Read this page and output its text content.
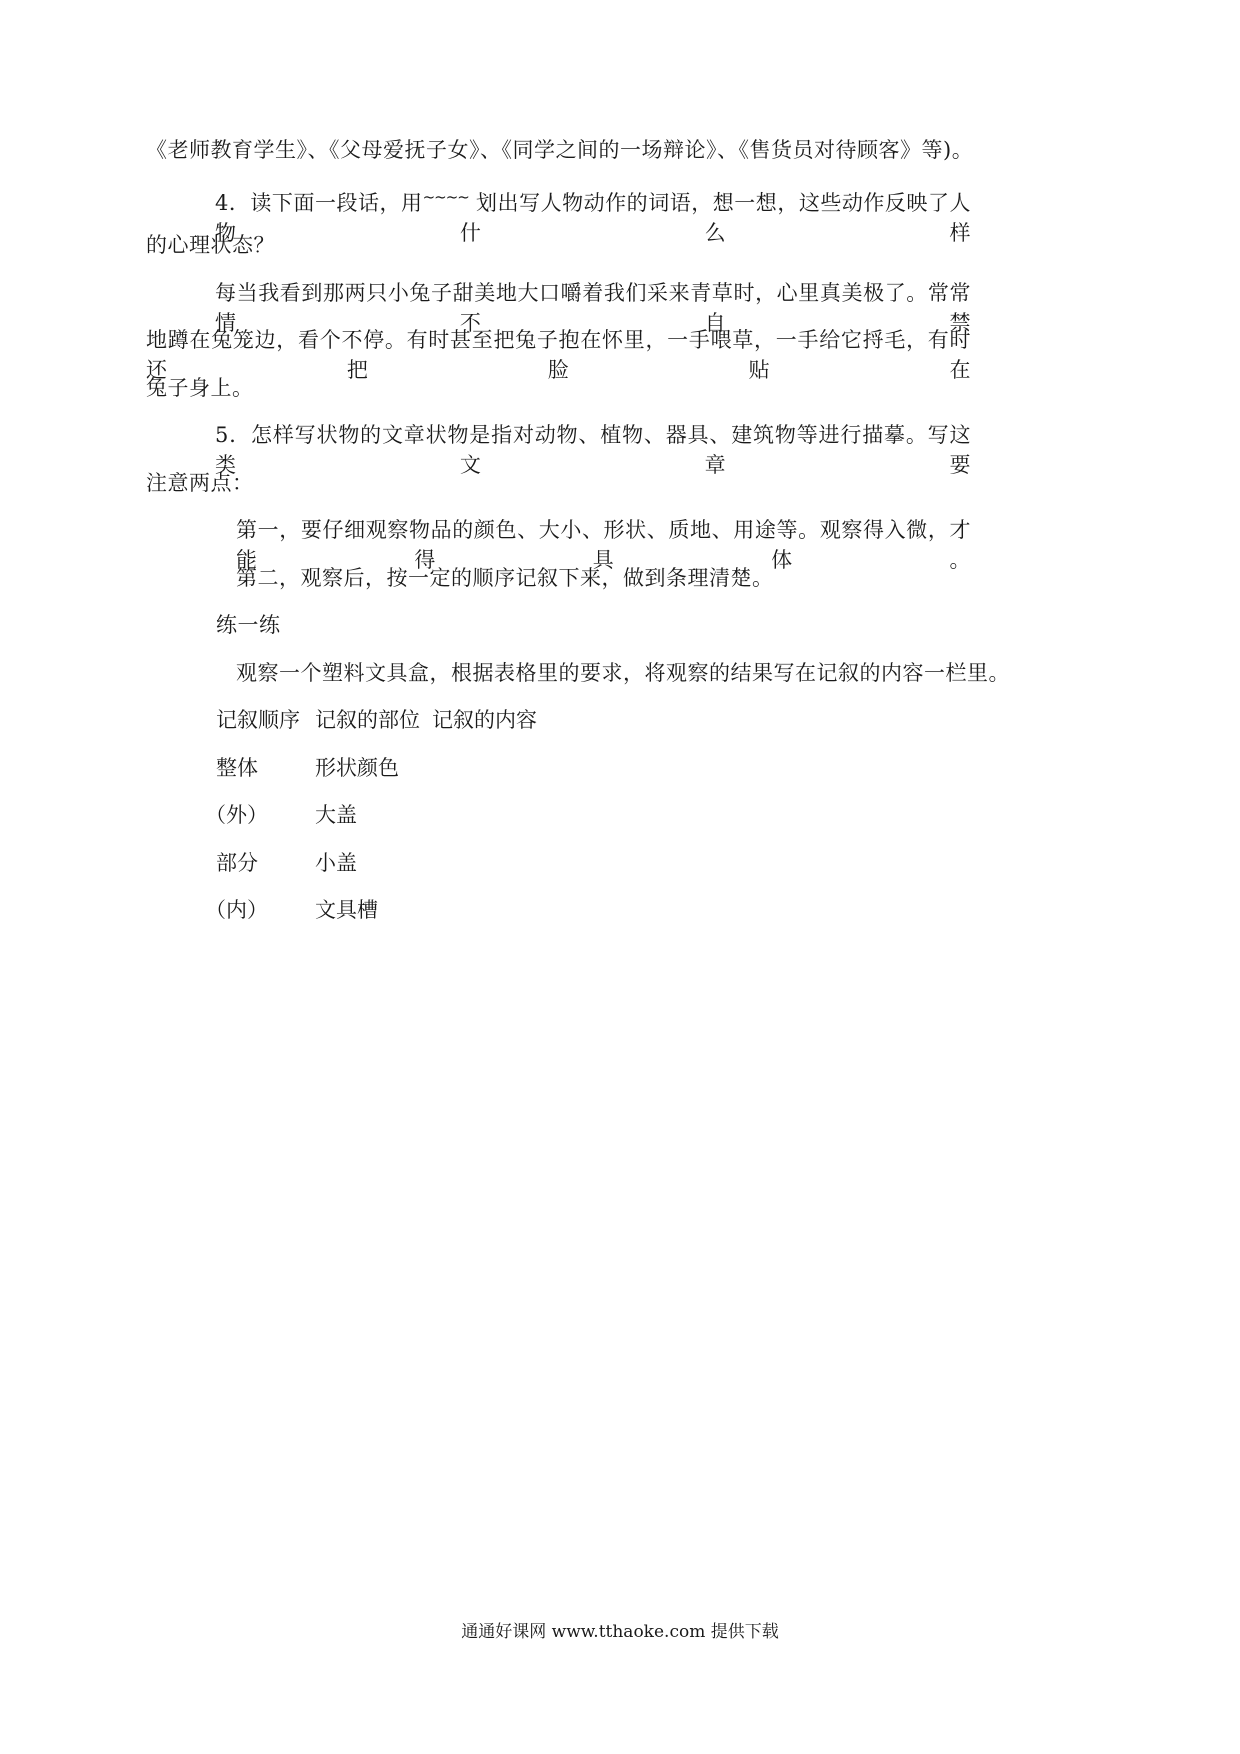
《老师教育学生》、《父母爱抚子女》、《同学之间的一场辩论》、《售货员对待顾客》等)。
4．读下面一段话，用~~~~ 划出写人物动作的词语，想一想，这些动作反映了人物什么样
的心理状态？
每当我看到那两只小兔子甜美地大口嚼着我们采来青草时，心里真美极了。常常情不自禁
地蹲在兔笼边，看个不停。有时甚至把兔子抱在怀里，一手喂草，一手给它捋毛，有时还把脸贴在
兔子身上。
5．怎样写状物的文章状物是指对动物、植物、器具、建筑物等进行描摹。写这类文章要
注意两点：
第一，要仔细观察物品的颜色、大小、形状、质地、用途等。观察得入微，才能得具体。
第二，观察后，按一定的顺序记叙下来，做到条理清楚。
练一练
观察一个塑料文具盒，根据表格里的要求，将观察的结果写在记叙的内容一栏里。
记叙顺序 记叙的部位 记叙的内容
整体	形状颜色
（外） 大盖
部分	小盖
（内） 文具槽
通通好课网 www.tthaoke.com 提供下载
